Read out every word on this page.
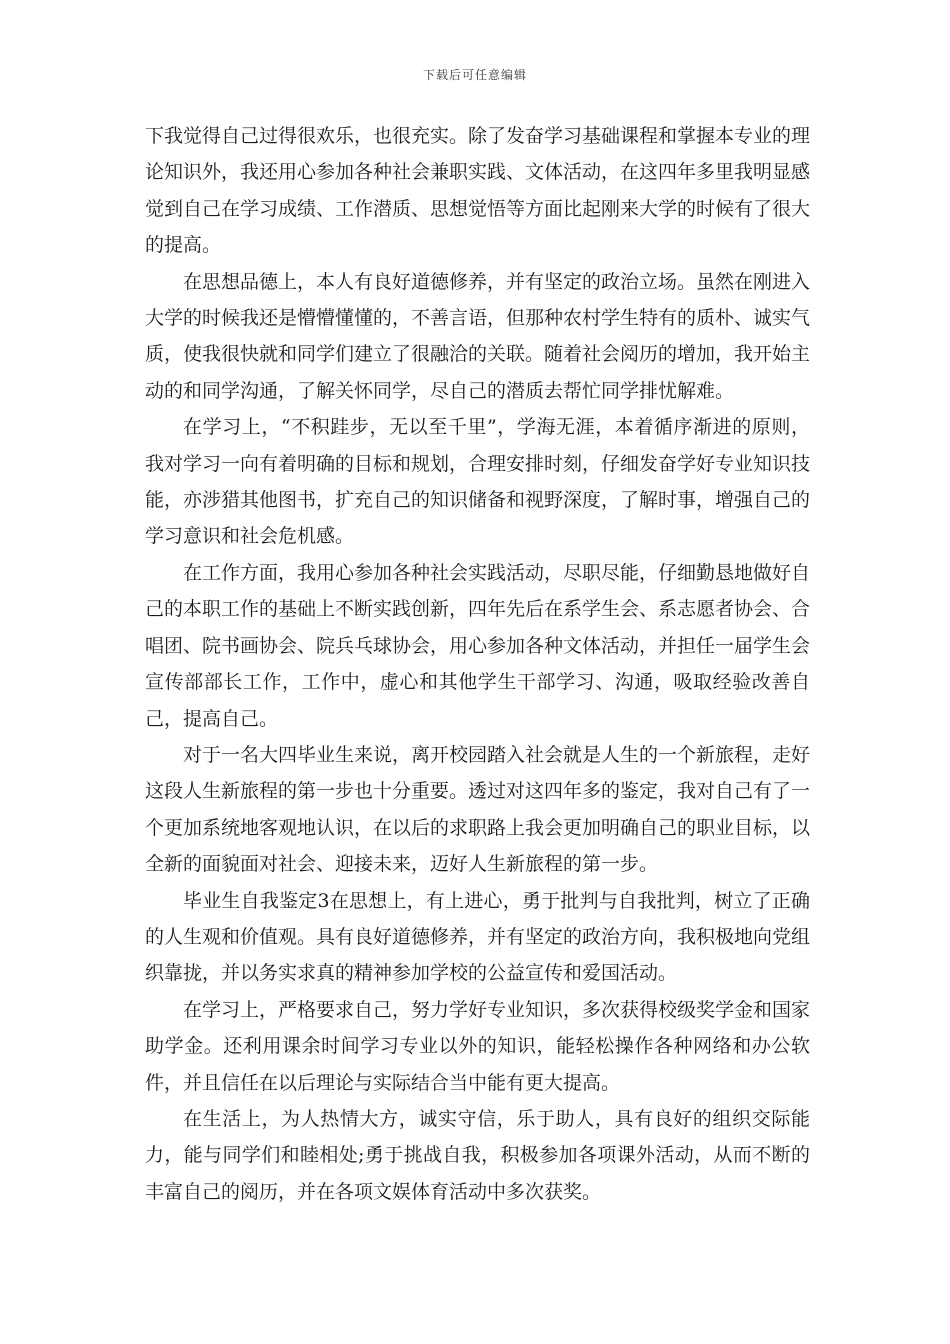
下载后可任意编辑

下我觉得自己过得很欢乐，也很充实。除了发奋学习基础课程和掌握本专业的理论知识外，我还用心参加各种社会兼职实践、文体活动，在这四年多里我明显感觉到自己在学习成绩、工作潜质、思想觉悟等方面比起刚来大学的时候有了很大的提高。

在思想品德上，本人有良好道德修养，并有坚定的政治立场。虽然在刚进入大学的时候我还是懵懵懂懂的，不善言语，但那种农村学生特有的质朴、诚实气质，使我很快就和同学们建立了很融洽的关联。随着社会阅历的增加，我开始主动的和同学沟通，了解关怀同学，尽自己的潜质去帮忙同学排忧解难。

在学习上，“不积跬步，无以至千里”，学海无涯，本着循序渐进的原则，我对学习一向有着明确的目标和规划，合理安排时刻，仔细发奋学好专业知识技能，亦涉猎其他图书，扩充自己的知识储备和视野深度，了解时事，增强自己的学习意识和社会危机感。

在工作方面，我用心参加各种社会实践活动，尽职尽能，仔细勤恳地做好自己的本职工作的基础上不断实践创新，四年先后在系学生会、系志愿者协会、合唱团、院书画协会、院兵乓球协会，用心参加各种文体活动，并担任一届学生会宣传部部长工作，工作中，虚心和其他学生干部学习、沟通，吸取经验改善自己，提高自己。

对于一名大四毕业生来说，离开校园踏入社会就是人生的一个新旅程，走好这段人生新旅程的第一步也十分重要。透过对这四年多的鉴定，我对自己有了一个更加系统地客观地认识，在以后的求职路上我会更加明确自己的职业目标，以全新的面貌面对社会、迎接未来，迈好人生新旅程的第一步。

毕业生自我鉴定3在思想上，有上进心，勇于批判与自我批判，树立了正确的人生观和价值观。具有良好道德修养，并有坚定的政治方向，我积极地向党组织靠拢，并以务实求真的精神参加学校的公益宣传和爱国活动。

在学习上，严格要求自己，努力学好专业知识，多次获得校级奖学金和国家助学金。还利用课余时间学习专业以外的知识，能轻松操作各种网络和办公软件，并且信任在以后理论与实际结合当中能有更大提高。

在生活上，为人热情大方，诚实守信，乐于助人，具有良好的组织交际能力，能与同学们和睦相处;勇于挑战自我，积极参加各项课外活动，从而不断的丰富自己的阅历，并在各项文娱体育活动中多次获奖。
